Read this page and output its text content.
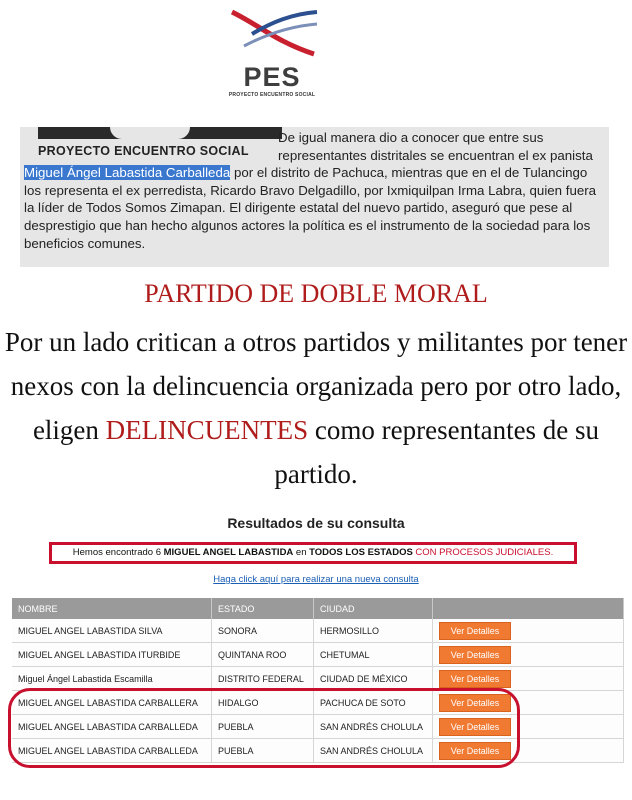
PES
PROYECTO ENCUENTRO SOCIAL
PROYECTO ENCUENTRO SOCIAL
De igual manera dio a conocer que entre sus representantes distritales se encuentran el ex panista Miguel Ángel Labastida Carballeda por el distrito de Pachuca, mientras que en el de Tulancingo los representa el ex perredista, Ricardo Bravo Delgadillo, por Ixmiquilpan Irma Labra, quien fuera la líder de Todos Somos Zimapan. El dirigente estatal del nuevo partido, aseguró que pese al desprestigio que han hecho algunos actores la política es el instrumento de la sociedad para los beneficios comunes.
PARTIDO DE DOBLE MORAL
Por un lado critican a otros partidos y militantes por tener nexos con la delincuencia organizada pero por otro lado, eligen DELINCUENTES como representantes de su partido.
Resultados de su consulta
Hemos encontrado 6 MIGUEL ANGEL LABASTIDA en TODOS LOS ESTADOS CON PROCESOS JUDICIALES.
Haga click aquí para realizar una nueva consulta
NOMBRE	ESTADO	CIUDAD	
MIGUEL ANGEL LABASTIDA SILVA	SONORA	HERMOSILLO	Ver Detalles
MIGUEL ANGEL LABASTIDA ITURBIDE	QUINTANA ROO	CHETUMAL	Ver Detalles
Miguel Ángel Labastida Escamilla	DISTRITO FEDERAL	CIUDAD DE MÉXICO	Ver Detalles
MIGUEL ANGEL LABASTIDA CARBALLERA	HIDALGO	PACHUCA DE SOTO	Ver Detalles
MIGUEL ANGEL LABASTIDA CARBALLEDA	PUEBLA	SAN ANDRÉS CHOLULA	Ver Detalles
MIGUEL ANGEL LABASTIDA CARBALLEDA	PUEBLA	SAN ANDRÉS CHOLULA	Ver Detalles
